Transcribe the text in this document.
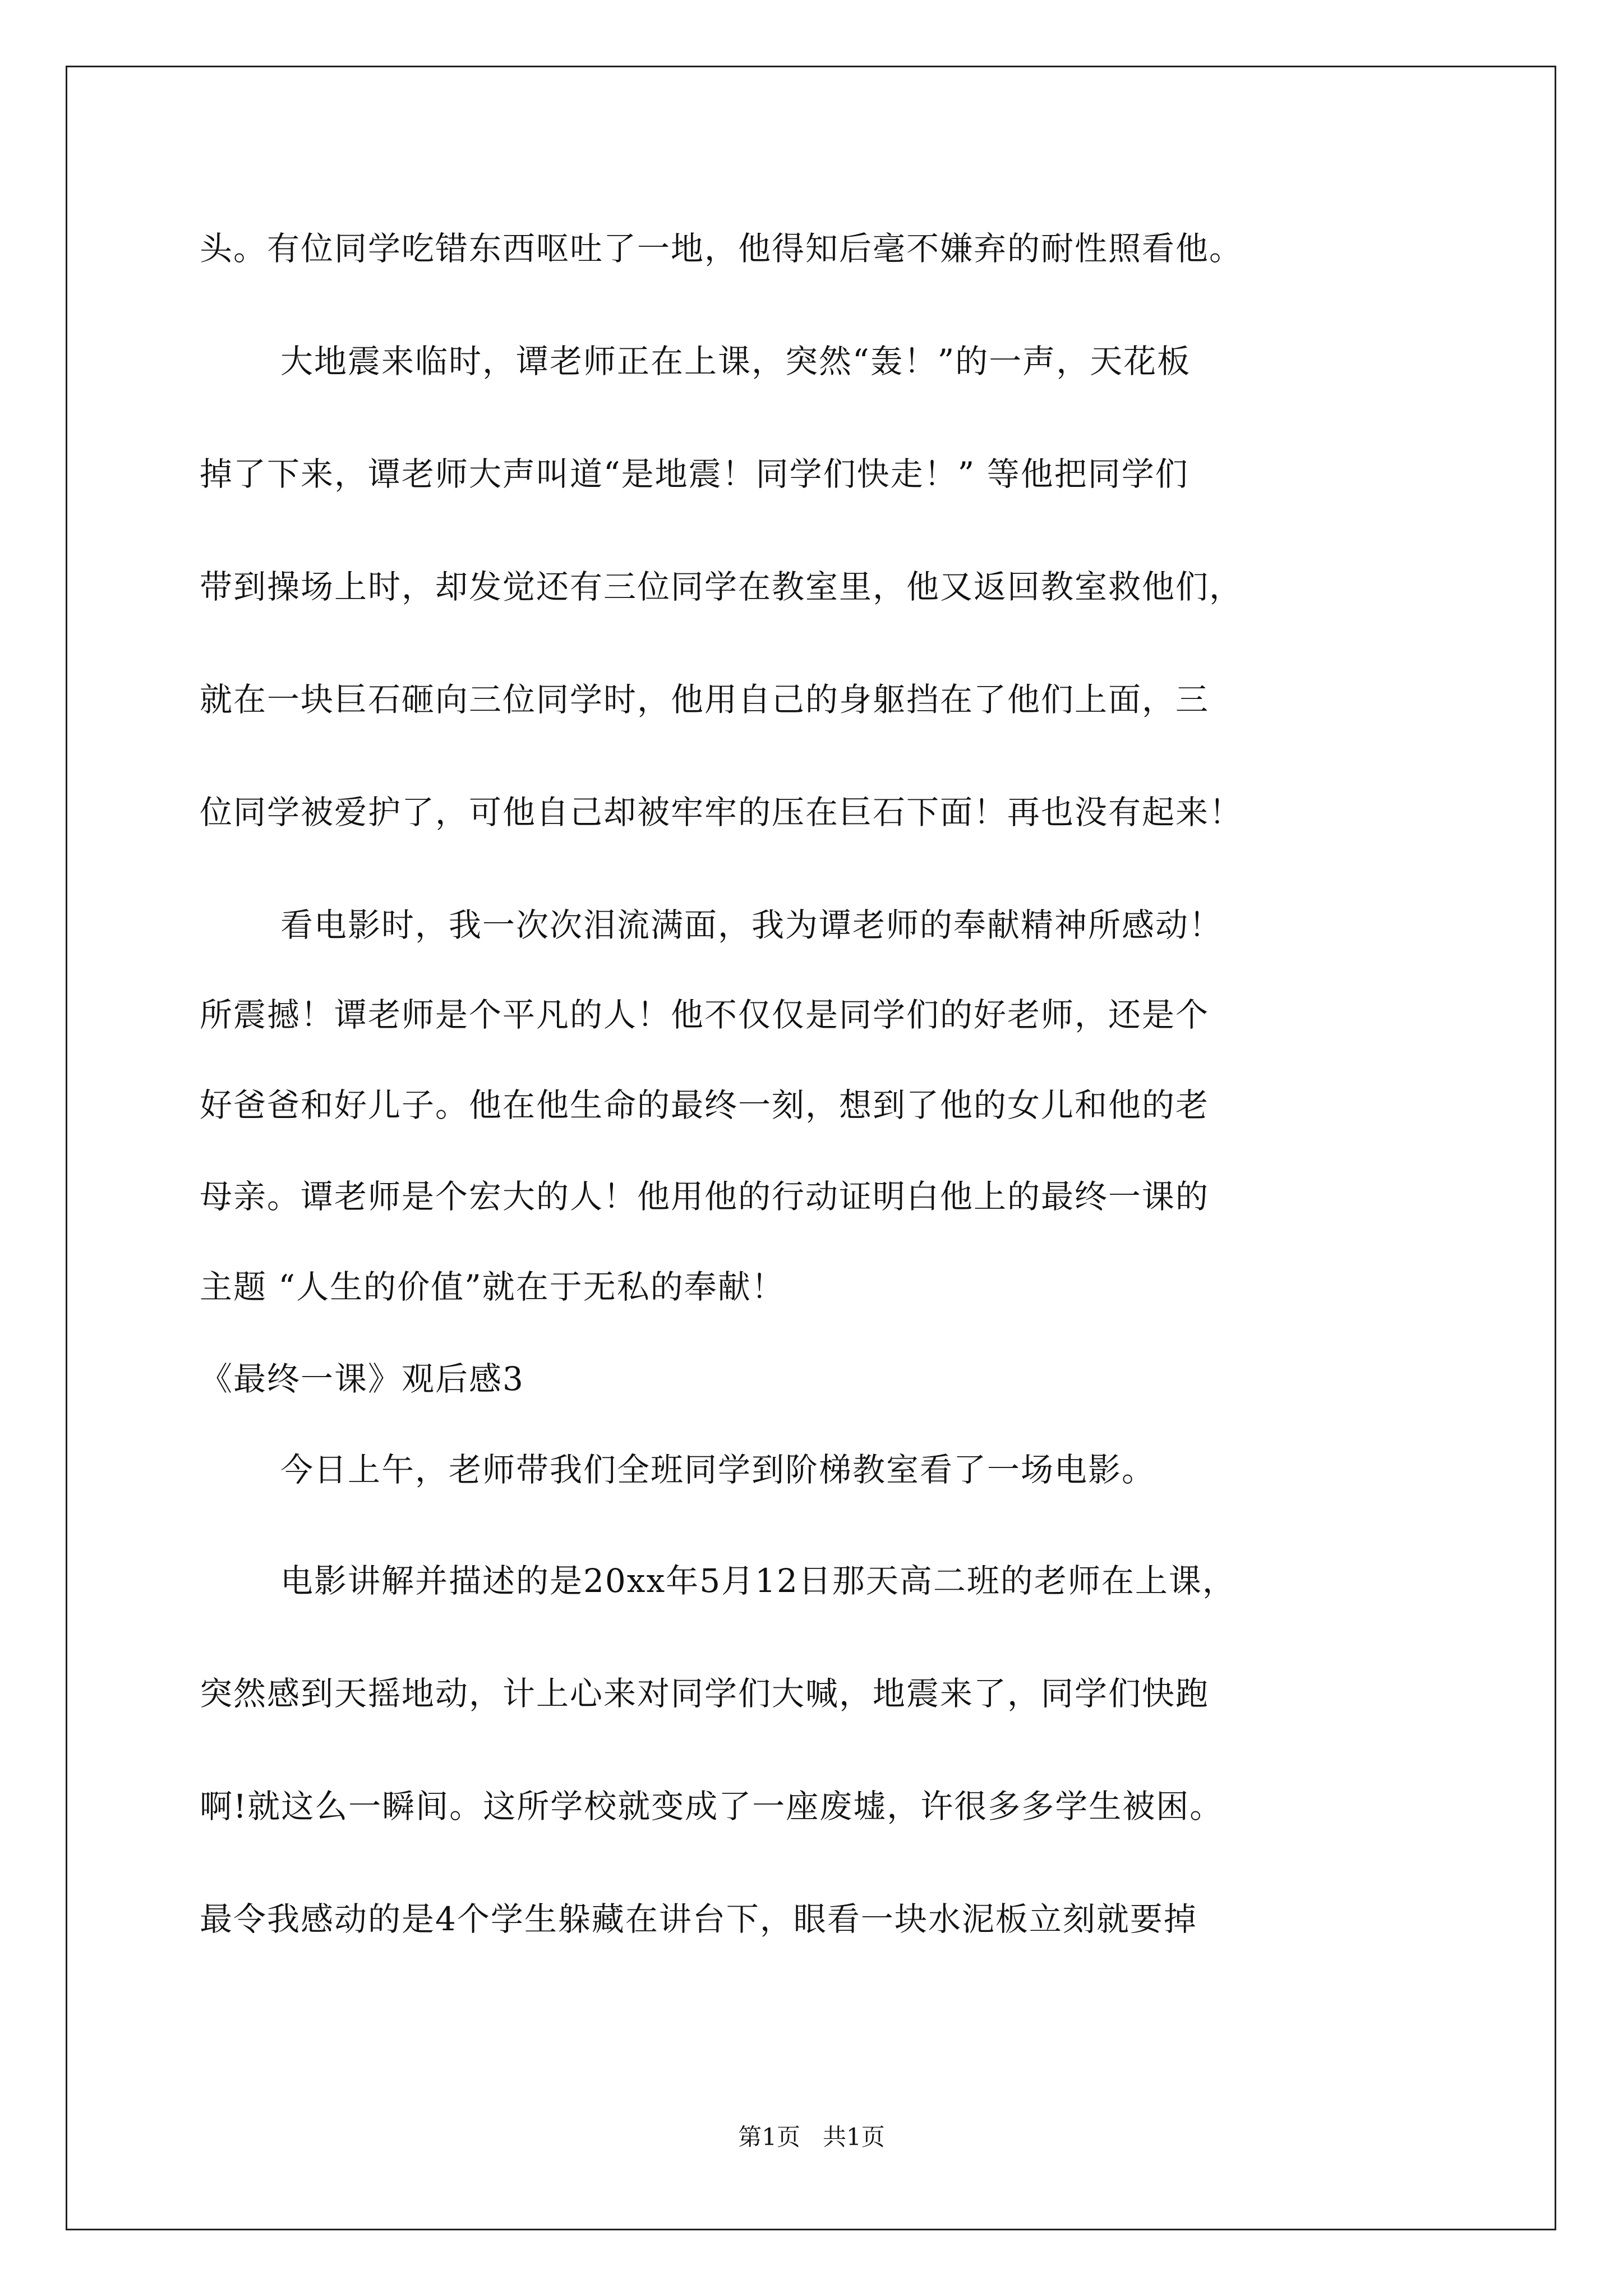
头。有位同学吃错东西呕吐了一地，他得知后毫不嫌弃的耐性照看他。
大地震来临时，谭老师正在上课，突然“轰！”的一声，天花板
掉了下来，谭老师大声叫道“是地震！同学们快走！” 等他把同学们
带到操场上时，却发觉还有三位同学在教室里，他又返回教室救他们，
就在一块巨石砸向三位同学时，他用自己的身躯挡在了他们上面，三
位同学被爱护了，可他自己却被牢牢的压在巨石下面！再也没有起来！
看电影时，我一次次泪流满面，我为谭老师的奉献精神所感动！
所震撼！谭老师是个平凡的人！他不仅仅是同学们的好老师，还是个
好爸爸和好儿子。他在他生命的最终一刻，想到了他的女儿和他的老
母亲。谭老师是个宏大的人！他用他的行动证明白他上的最终一课的
主题 “人生的价值”就在于无私的奉献！
《最终一课》观后感3
今日上午，老师带我们全班同学到阶梯教室看了一场电影。
电影讲解并描述的是20xx年5月12日那天高二班的老师在上课，
突然感到天摇地动，计上心来对同学们大喊，地震来了，同学们快跑
啊!就这么一瞬间。这所学校就变成了一座废墟，许很多多学生被困。
最令我感动的是4个学生躲藏在讲台下，眼看一块水泥板立刻就要掉
第1页   共1页
